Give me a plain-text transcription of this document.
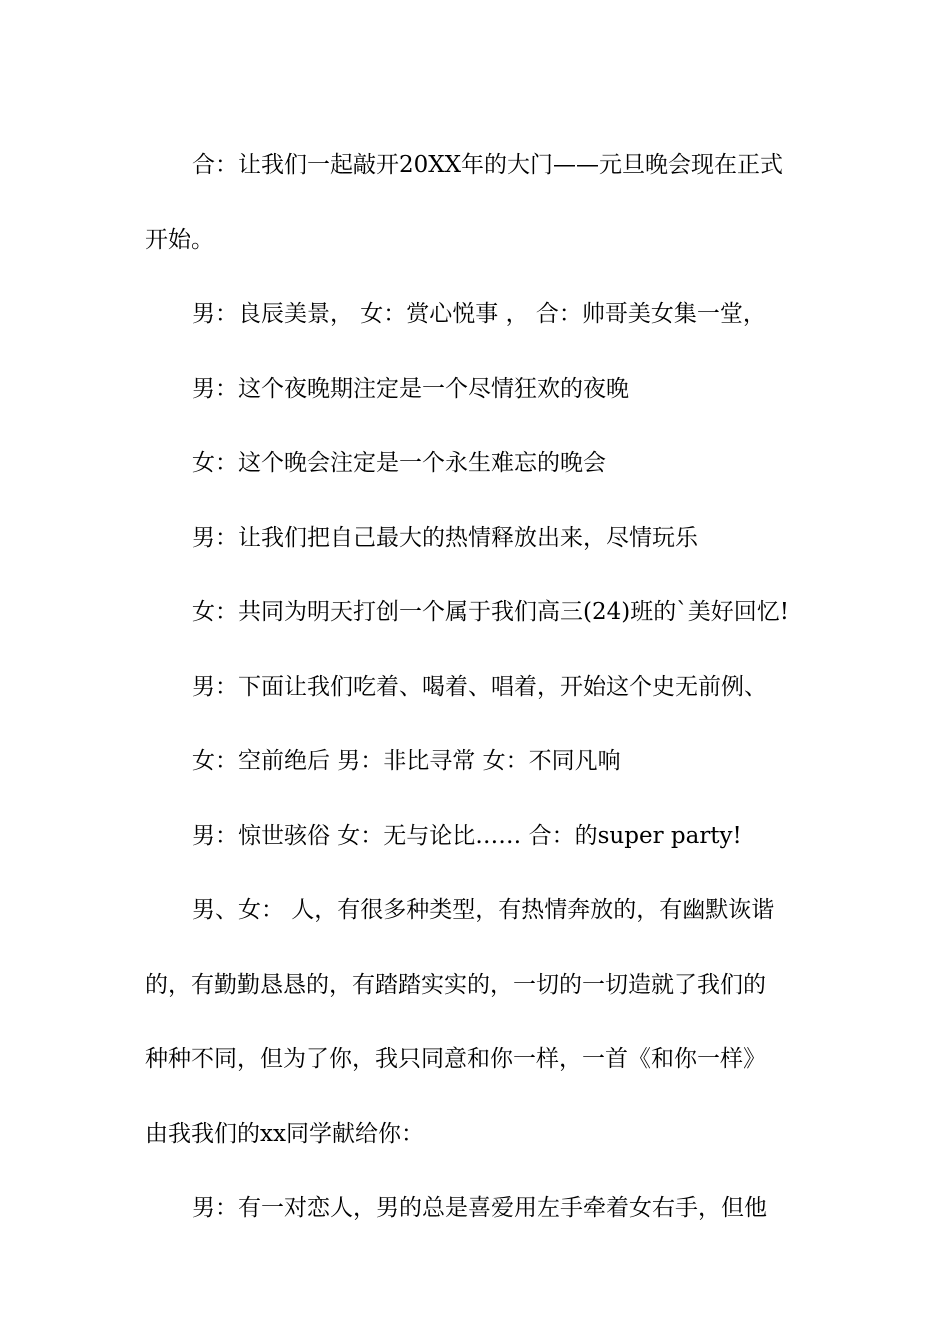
合：让我们一起敲开20XX年的大门——元旦晚会现在正式
开始。
男：良辰美景， 女：赏心悦事 ， 合：帅哥美女集一堂，
男：这个夜晚期注定是一个尽情狂欢的夜晚
女：这个晚会注定是一个永生难忘的晚会
男：让我们把自己最大的热情释放出来，尽情玩乐
女：共同为明天打创一个属于我们高三(24)班的`美好回忆!
男：下面让我们吃着、喝着、唱着，开始这个史无前例、
女：空前绝后 男：非比寻常 女：不同凡响
男：惊世骇俗 女：无与论比…… 合：的super party!
男、女： 人，有很多种类型，有热情奔放的，有幽默诙谐
的，有勤勤恳恳的，有踏踏实实的，一切的一切造就了我们的
种种不同，但为了你，我只同意和你一样，一首《和你一样》
由我我们的xx同学献给你：
男：有一对恋人，男的总是喜爱用左手牵着女右手，但他
